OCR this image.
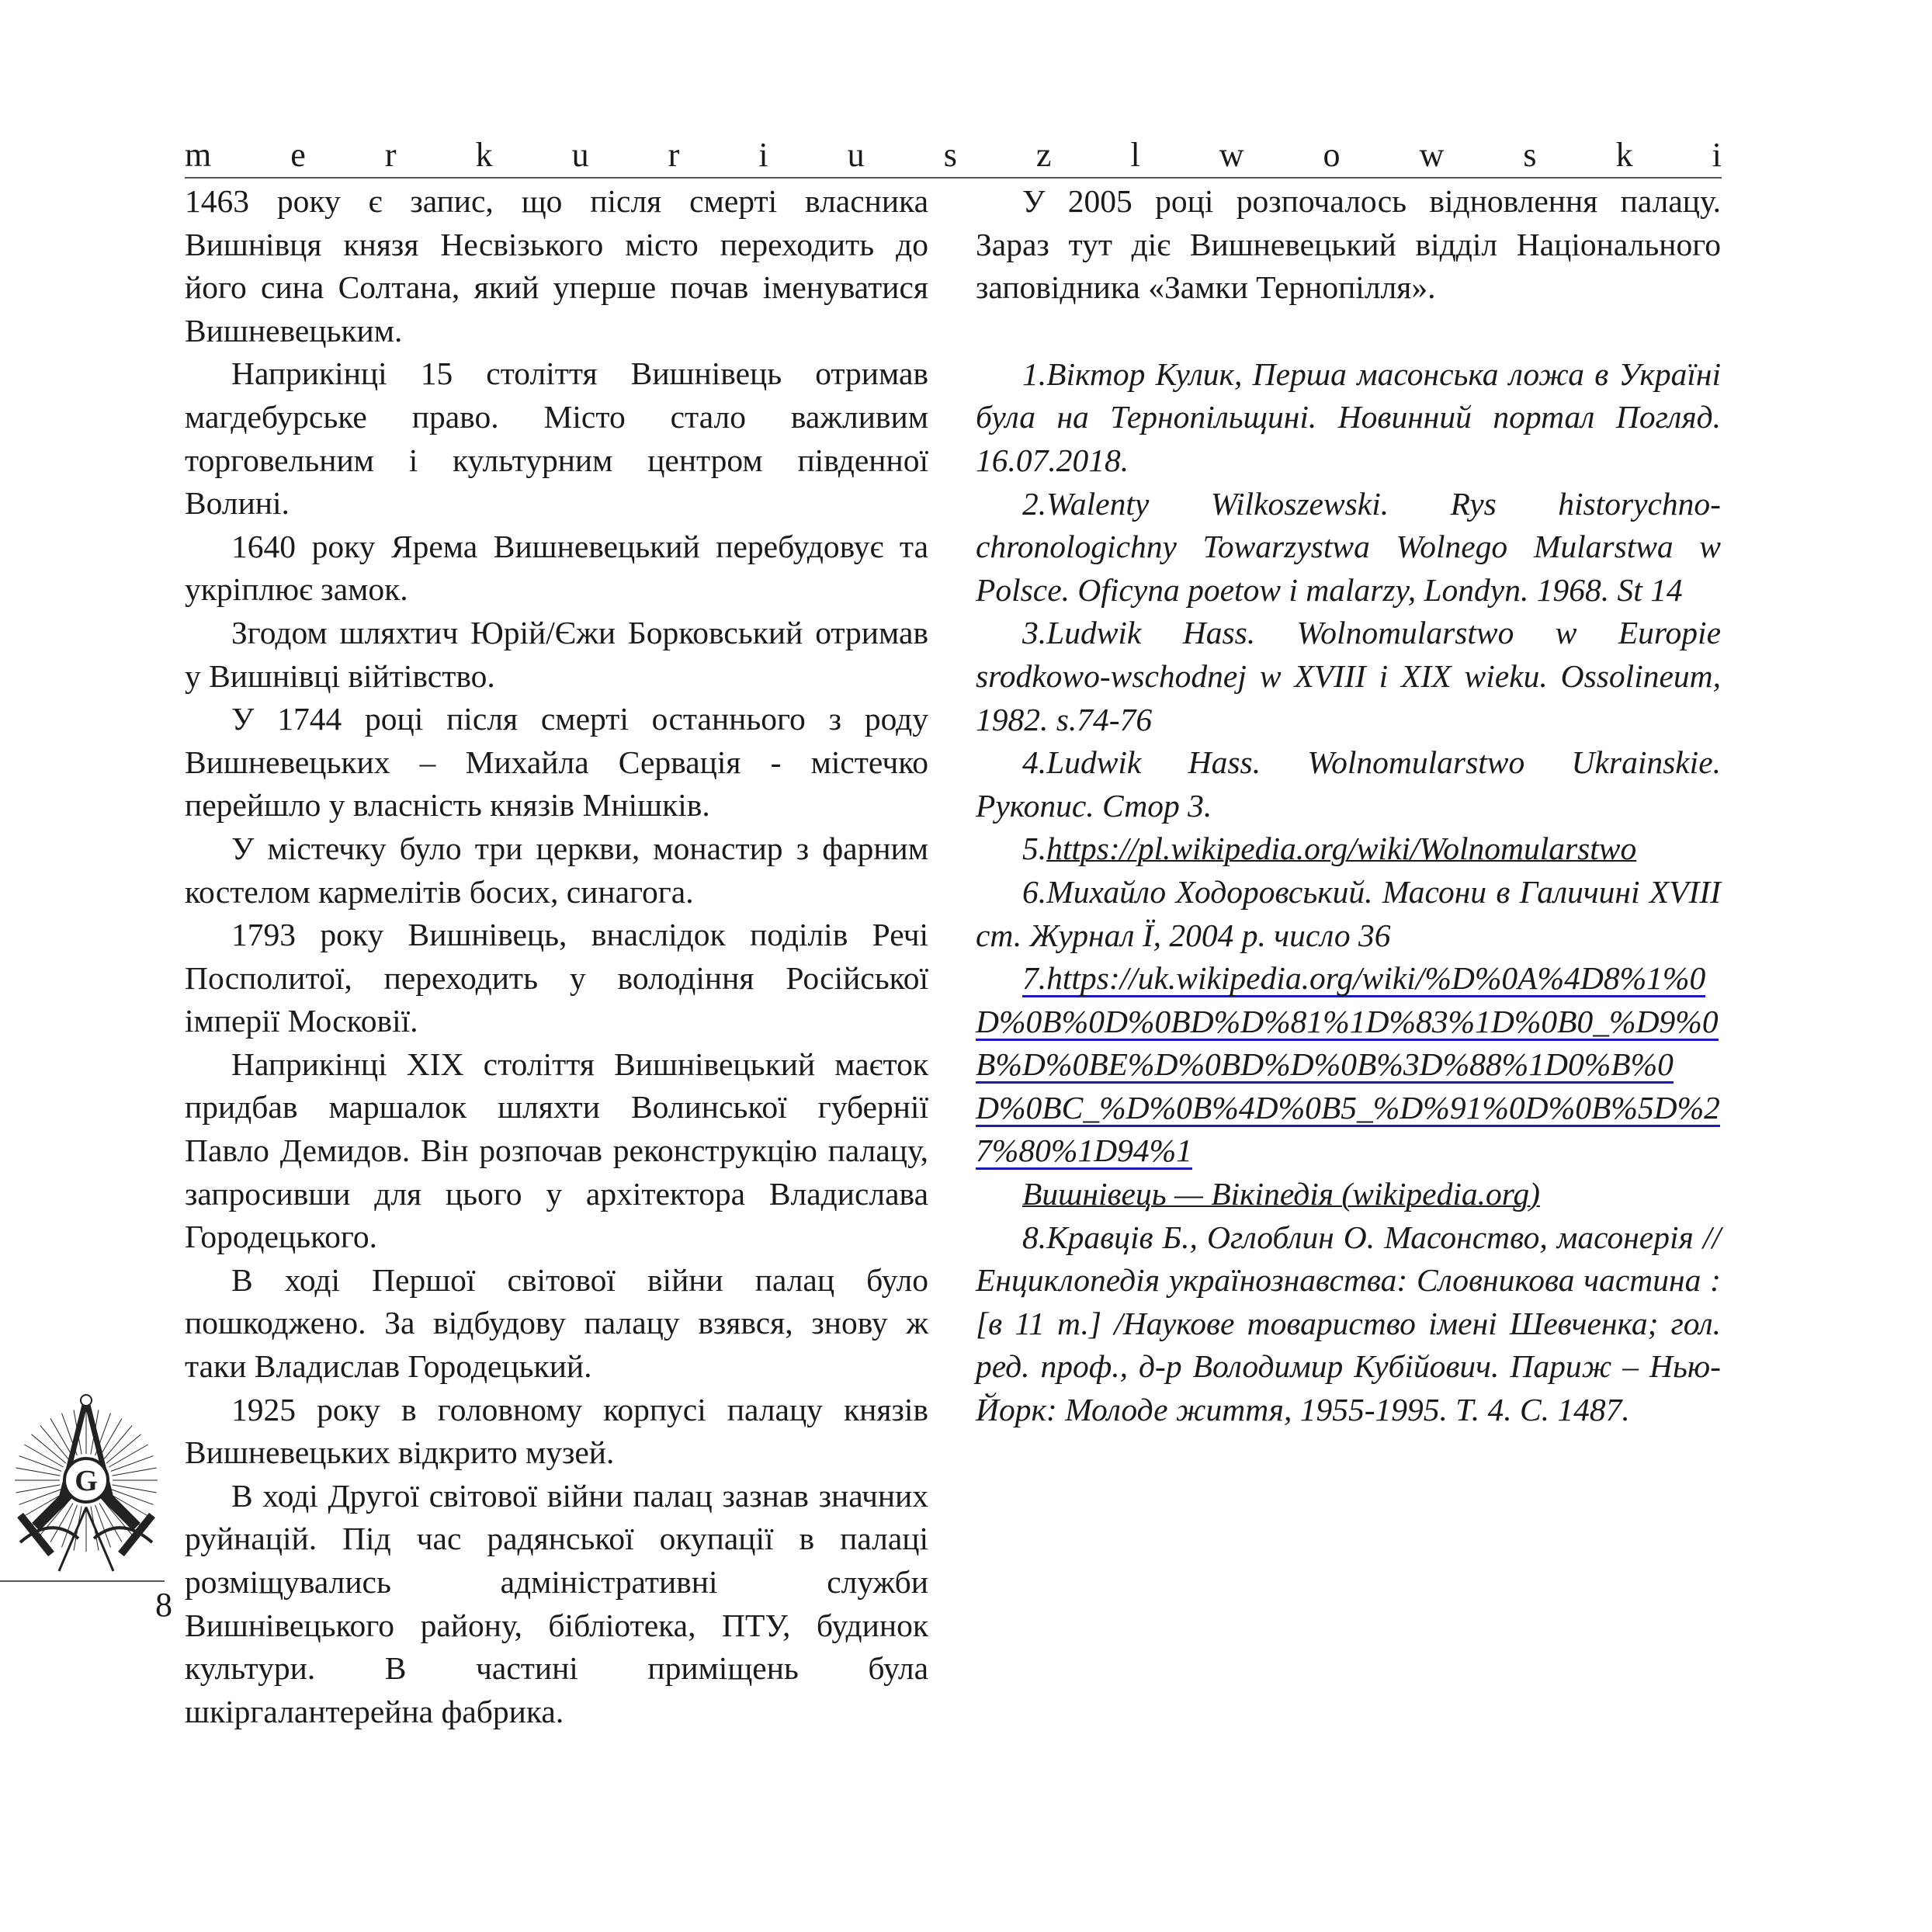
m e r k u r i u s z l w o w s k i

1463 року є запис, що після смерті власника Вишнівця князя Несвізького місто переходить до його сина Солтана, який уперше почав іменуватися Вишневецьким.

Наприкінці 15 століття Вишнівець отримав магдебурське право. Місто стало важливим торговельним і культурним центром південної Волині.

1640 року Ярема Вишневецький перебудовує та укріплює замок.

Згодом шляхтич Юрій/Єжи Борковський отримав у Вишнівці війтівство.

У 1744 році після смерті останнього з роду Вишневецьких – Михайла Сервація - містечко перейшло у власність князів Мнішків.

У містечку було три церкви, монастир з фарним костелом кармелітів босих, синагога.

1793 року Вишнівець, внаслідок поділів Речі Посполитої, переходить у володіння Російської імперії Московії.

Наприкінці XIX століття Вишнівецький маєток придбав маршалок шляхти Волинської губернії Павло Демидов. Він розпочав реконструкцію палацу, запросивши для цього у архітектора Владислава Городецького.

В ході Першої світової війни палац було пошкоджено. За відбудову палацу взявся, знову ж таки Владислав Городецький.

1925 року в головному корпусі палацу князів Вишневецьких відкрито музей.

В ході Другої світової війни палац зазнав значних руйнацій. Під час радянської окупації в палаці розміщувались адміністративні служби Вишнівецького району, бібліотека, ПТУ, будинок культури. В частині приміщень була шкіргалантерейна фабрика.

У 2005 році розпочалось відновлення палацу. Зараз тут діє Вишневецький відділ Національного заповідника «Замки Тернопілля».

1.Віктор Кулик, Перша масонська ложа в Україні була на Тернопільщині. Новинний портал Погляд. 16.07.2018.

2.Walenty Wilkoszewski. Rys historychno-chronologichny Towarzystwa Wolnego Mularstwa w Polsce. Oficyna poetow i malarzy, Londyn. 1968. St 14

3.Ludwik Hass. Wolnomularstwo w Europie srodkowo-wschodnej w XVIII i XIX wieku. Ossolineum, 1982. s.74-76

4.Ludwik Hass. Wolnomularstwo Ukrainskie. Рукопис. Стор 3.

5.https://pl.wikipedia.org/wiki/Wolnomularstwo

6.Михайло Ходоровський. Масони в Галичині XVIII ст. Журнал Ї, 2004 р. число 36

7.https://uk.wikipedia.org/wiki/%D%0A%4D8%1%0D%0B%0D%0BD%D%81%1D%83%1D%0B0_%D9%0B%D%0BE%D%0BD%D%0B%3D%88%1D0%B%0D%0BC_%D%0B%4D%0B5_%D%91%0D%0B%5D%27%80%1D94%1

Вишнівець — Вікіпедія (wikipedia.org)

8.Кравців Б., Оглоблин О. Масонство, масонерія // Енциклопедія українознавства: Словникова частина : [в 11 т.] /Наукове товариство імені Шевченка; гол. ред. проф., д-р Володимир Кубійович. Париж – Нью-Йорк: Молоде життя, 1955-1995. Т. 4. С. 1487.

G
8
